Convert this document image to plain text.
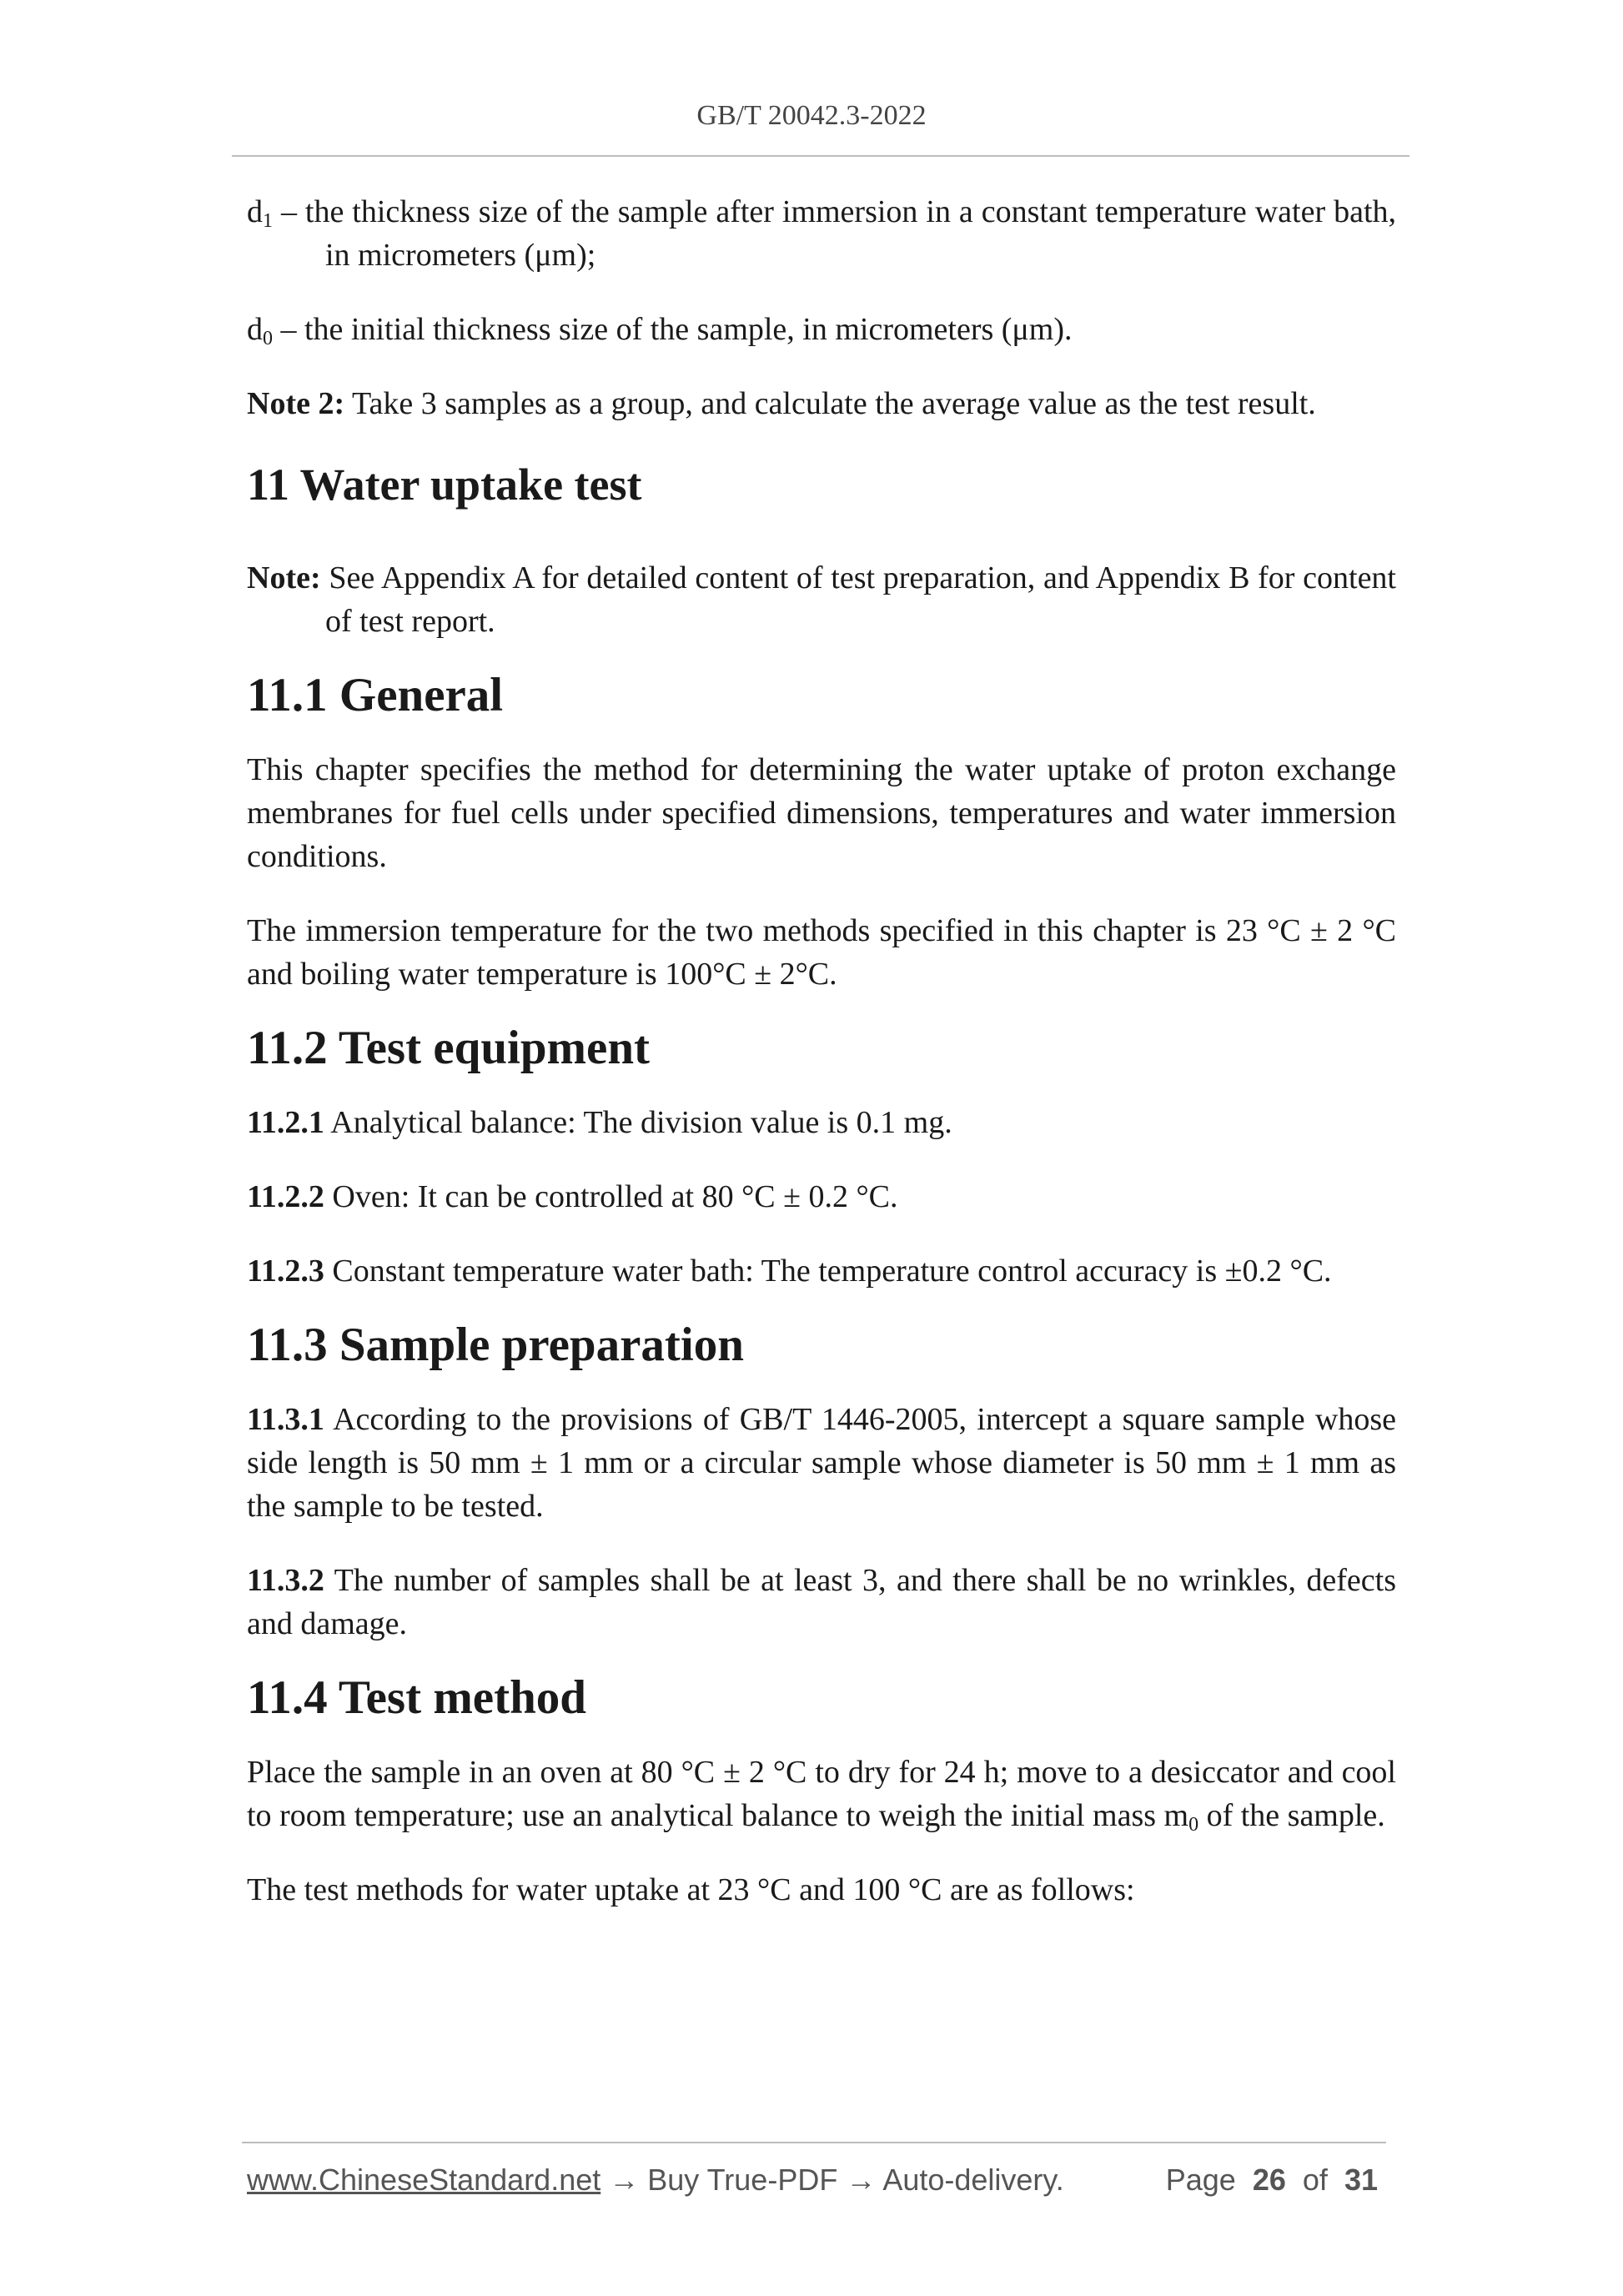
GB/T 20042.3-2022

$d_1$ – the thickness size of the sample after immersion in a constant temperature water bath, in micrometers (μm);

$d_0$ – the initial thickness size of the sample, in micrometers (μm).

Note 2: Take 3 samples as a group, and calculate the average value as the test result.

11 Water uptake test

Note: See Appendix A for detailed content of test preparation, and Appendix B for content of test report.

11.1 General

This chapter specifies the method for determining the water uptake of proton exchange membranes for fuel cells under specified dimensions, temperatures and water immersion conditions.

The immersion temperature for the two methods specified in this chapter is 23 °C ± 2 °C and boiling water temperature is 100°C ± 2°C.

11.2 Test equipment

11.2.1 Analytical balance: The division value is 0.1 mg.

11.2.2 Oven: It can be controlled at 80 °C ± 0.2 °C.

11.2.3 Constant temperature water bath: The temperature control accuracy is ±0.2 °C.

11.3 Sample preparation

11.3.1 According to the provisions of GB/T 1446-2005, intercept a square sample whose side length is 50 mm ± 1 mm or a circular sample whose diameter is 50 mm ± 1 mm as the sample to be tested.

11.3.2 The number of samples shall be at least 3, and there shall be no wrinkles, defects and damage.

11.4 Test method

Place the sample in an oven at 80 °C ± 2 °C to dry for 24 h; move to a desiccator and cool to room temperature; use an analytical balance to weigh the initial mass $m_0$ of the sample.

The test methods for water uptake at 23 °C and 100 °C are as follows:

www.ChineseStandard.net → Buy True-PDF → Auto-delivery.	Page 26 of 31
